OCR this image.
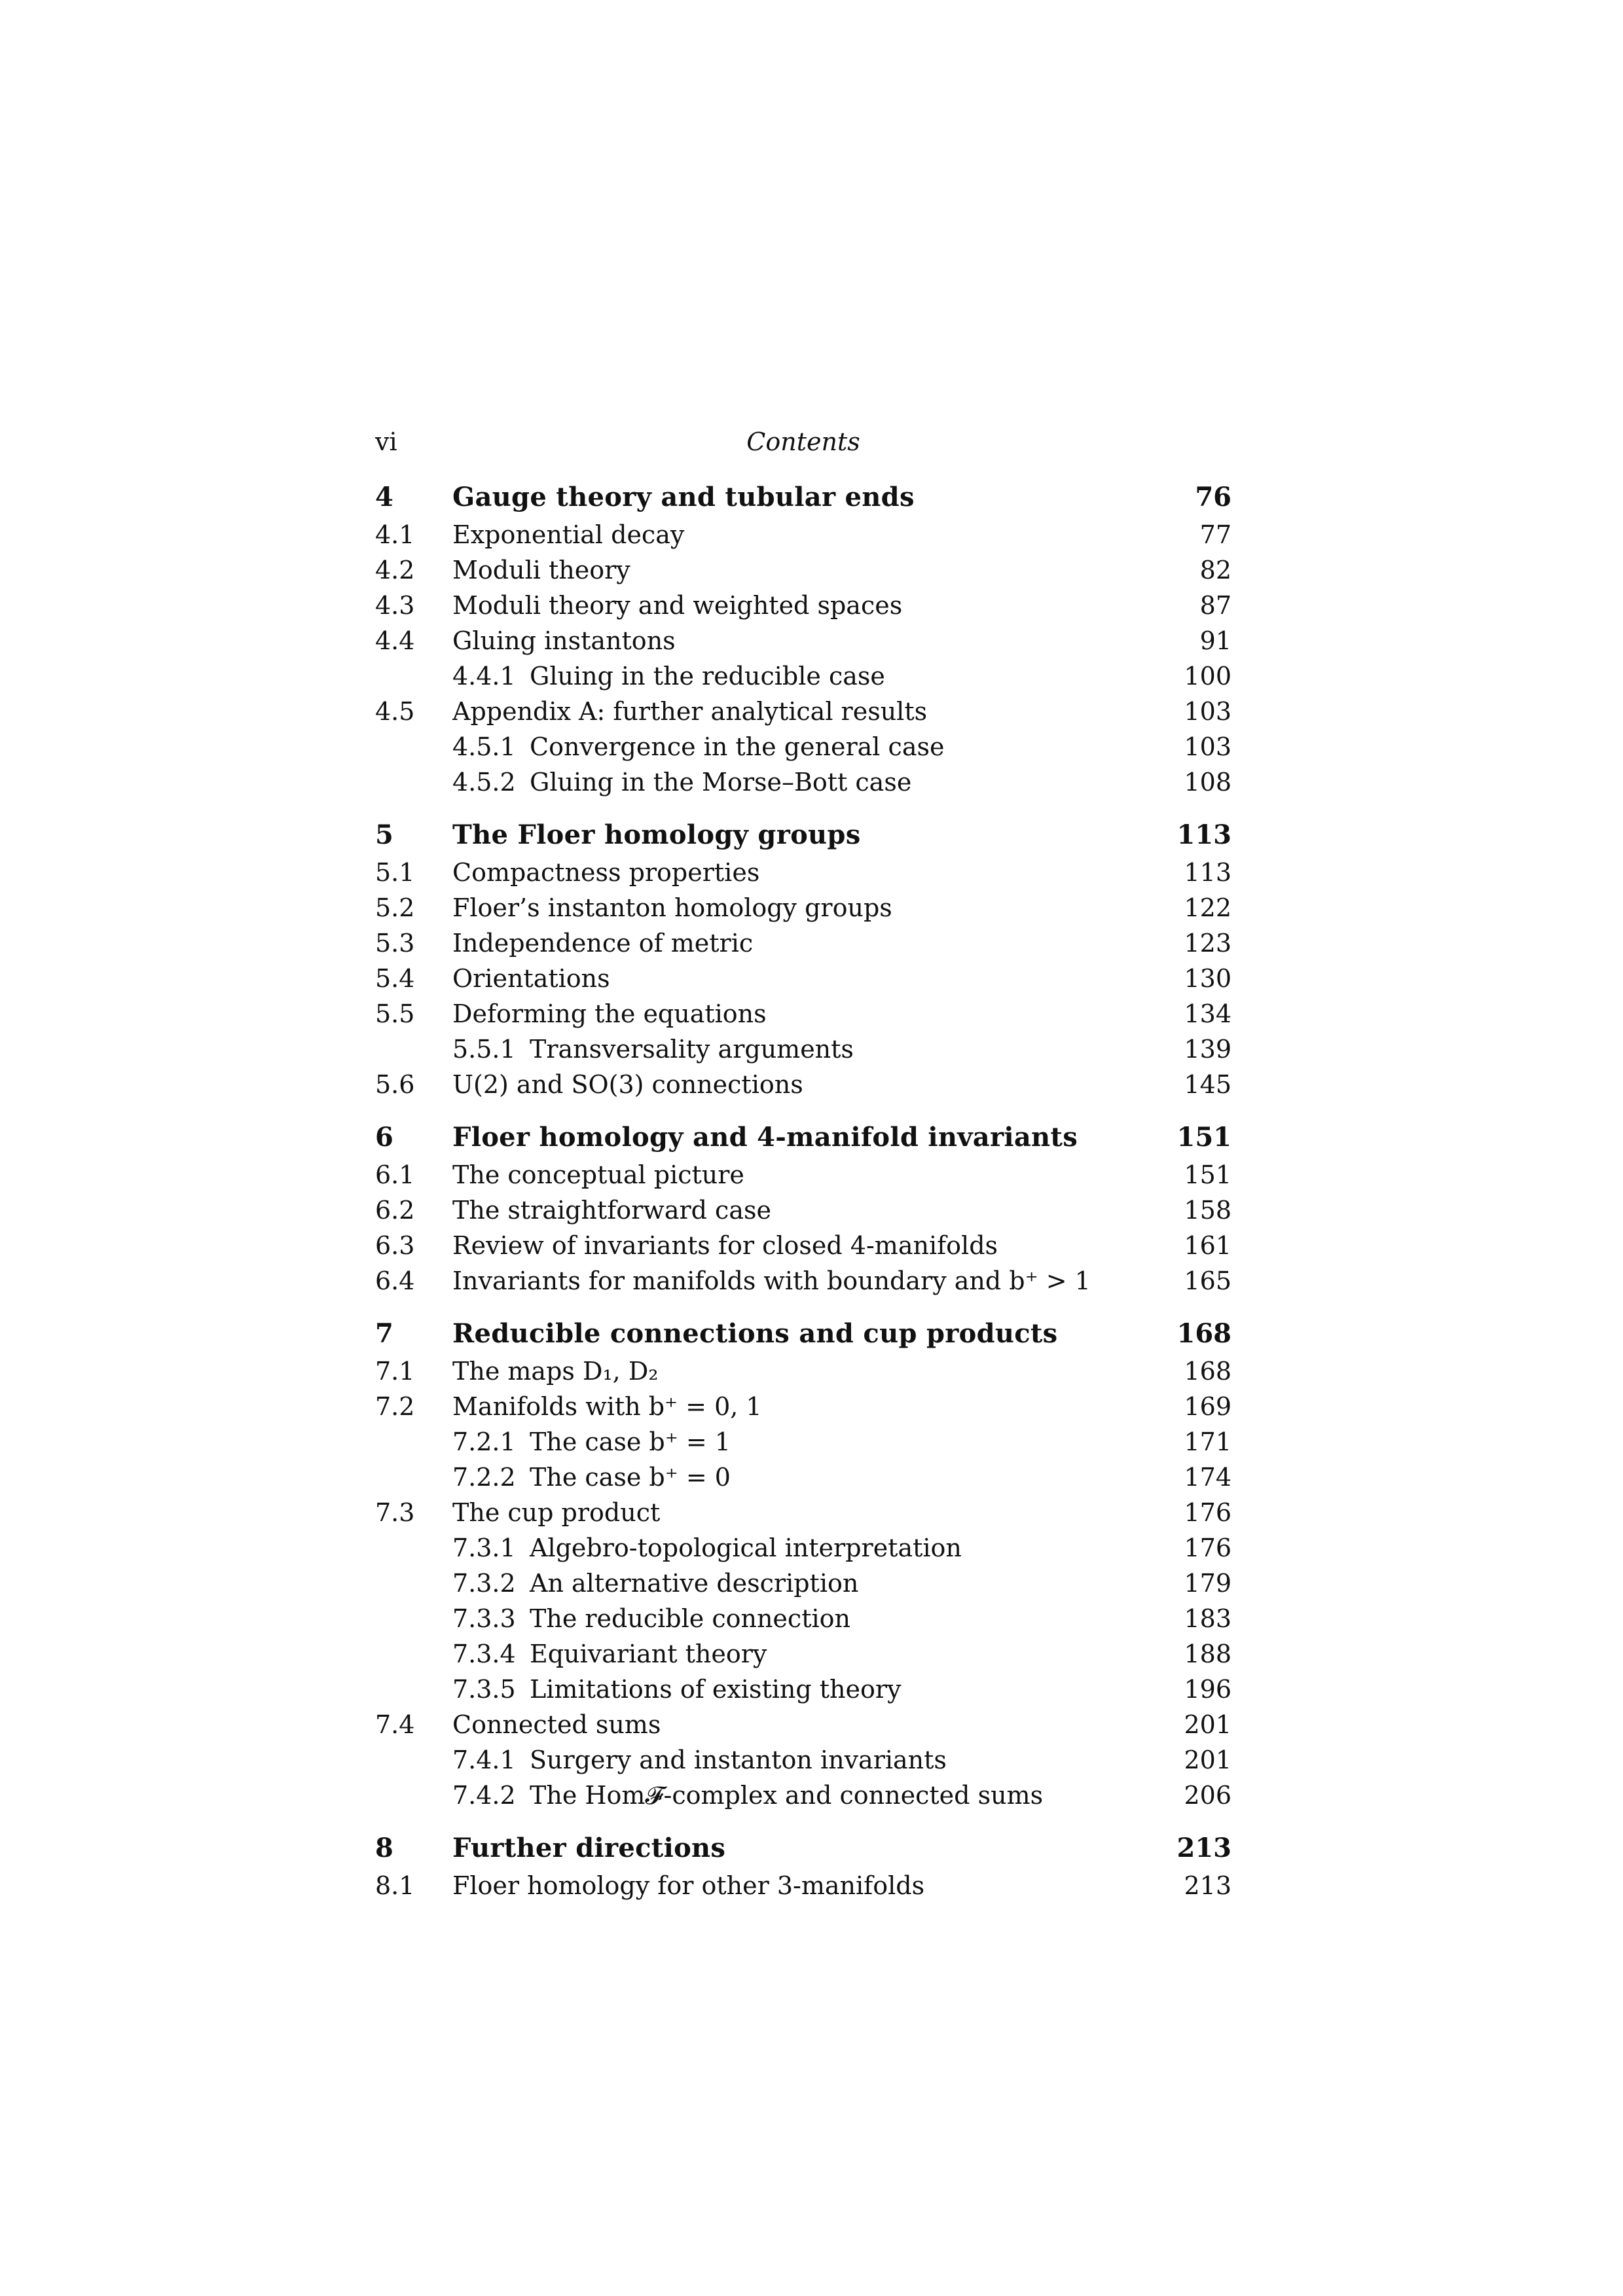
vi	Contents
4	Gauge theory and tubular ends	76
4.1	Exponential decay	77
4.2	Moduli theory	82
4.3	Moduli theory and weighted spaces	87
4.4	Gluing instantons	91
4.4.1 Gluing in the reducible case	100
4.5	Appendix A: further analytical results	103
4.5.1 Convergence in the general case	103
4.5.2 Gluing in the Morse–Bott case	108
5	The Floer homology groups	113
5.1	Compactness properties	113
5.2	Floer’s instanton homology groups	122
5.3	Independence of metric	123
5.4	Orientations	130
5.5	Deforming the equations	134
5.5.1 Transversality arguments	139
5.6	U(2) and SO(3) connections	145
6	Floer homology and 4-manifold invariants	151
6.1	The conceptual picture	151
6.2	The straightforward case	158
6.3	Review of invariants for closed 4-manifolds	161
6.4	Invariants for manifolds with boundary and b⁺ > 1	165
7	Reducible connections and cup products	168
7.1	The maps D₁, D₂	168
7.2	Manifolds with b⁺ = 0, 1	169
7.2.1 The case b⁺ = 1	171
7.2.2 The case b⁺ = 0	174
7.3	The cup product	176
7.3.1 Algebro-topological interpretation	176
7.3.2 An alternative description	179
7.3.3 The reducible connection	183
7.3.4 Equivariant theory	188
7.3.5 Limitations of existing theory	196
7.4	Connected sums	201
7.4.1 Surgery and instanton invariants	201
7.4.2 The Hom𝓕-complex and connected sums	206
8	Further directions	213
8.1	Floer homology for other 3-manifolds	213
